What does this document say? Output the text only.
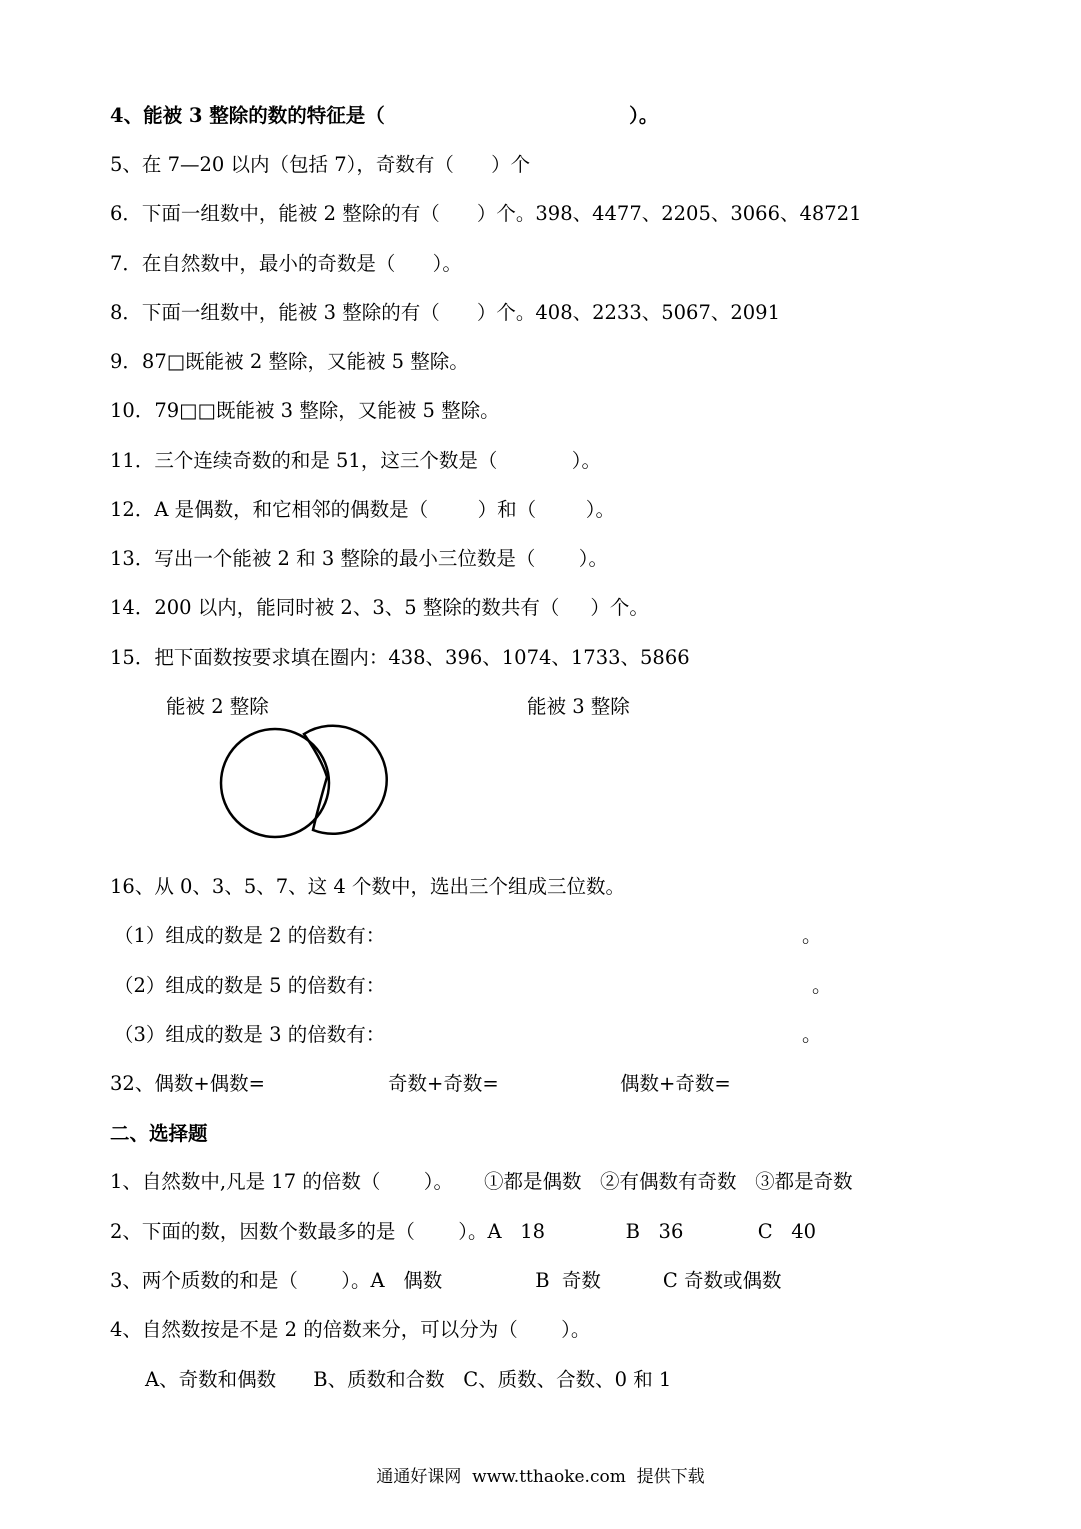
4、能被 3 整除的数的特征是（                                    ）。
5、在 7—20 以内（包括 7），奇数有（      ）个
6．下面一组数中，能被 2 整除的有（      ）个。398、4477、2205、3066、48721
7．在自然数中，最小的奇数是（      ）。
8．下面一组数中，能被 3 整除的有（      ）个。408、2233、5067、2091
9．87□既能被 2 整除，又能被 5 整除。
10．79□□既能被 3 整除，又能被 5 整除。
11．三个连续奇数的和是 51，这三个数是（            ）。
12．A 是偶数，和它相邻的偶数是（        ）和（        ）。
13．写出一个能被 2 和 3 整除的最小三位数是（       ）。
14．200 以内，能同时被 2、3、5 整除的数共有（     ）个。
15．把下面数按要求填在圈内：438、396、1074、1733、5866
能被 2 整除	能被 3 整除
16、从 0、3、5、7、这 4 个数中，选出三个组成三位数。
（1）组成的数是 2 的倍数有：	。
（2）组成的数是 5 的倍数有：	。
（3）组成的数是 3 的倍数有：	。
32、偶数+偶数=	奇数+奇数=	偶数+奇数=
二、选择题
1、自然数中,凡是 17 的倍数（       ）。     ①都是偶数   ②有偶数有奇数   ③都是奇数
2、下面的数，因数个数最多的是（       ）。A   18             B   36            C   40
3、两个质数的和是（       ）。A   偶数               B  奇数          C 奇数或偶数
4、自然数按是不是 2 的倍数来分，可以分为（       ）。
A、奇数和偶数      B、质数和合数   C、质数、合数、0 和 1
通通好课网  www.tthaoke.com  提供下载
